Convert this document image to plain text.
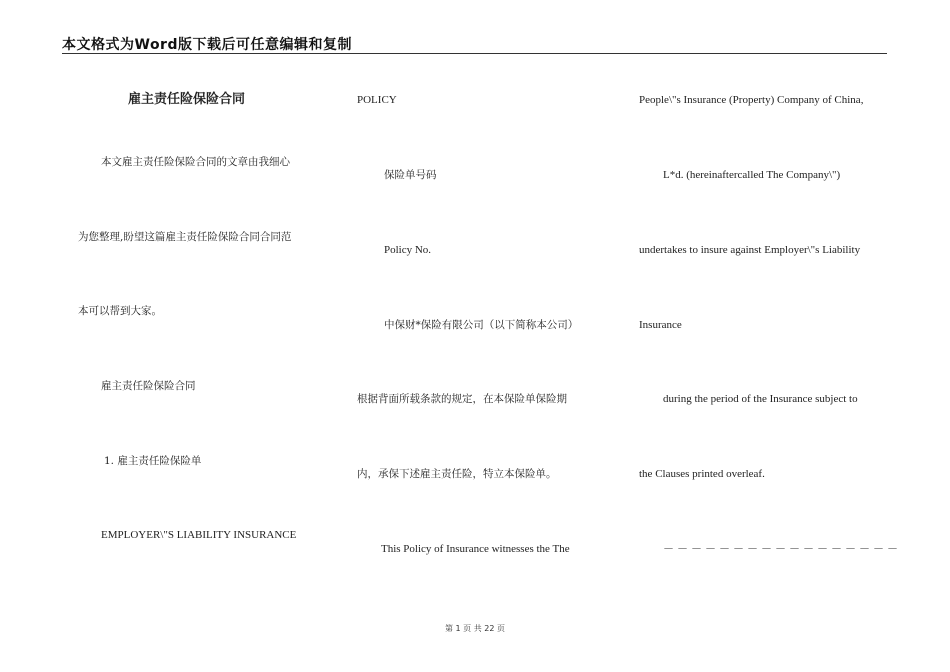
本文格式为Word版下载后可任意编辑和复制
雇主责任险保险合同
本文雇主责任险保险合同的文章由我细心
为您整理,盼望这篇雇主责任险保险合同合同范
本可以帮到大家。
雇主责任险保险合同
1. 雇主责任险保险单
EMPLOYER\"S LIABILITY INSURANCE
POLICY
保险单号码
Policy No.
中保财*保险有限公司（以下简称本公司）
根据背面所载条款的规定，在本保险单保险期
内，承保下述雇主责任险，特立本保险单。
This Policy of Insurance witnesses the The
People\"s Insurance (Property) Company of China,
L*d. (hereinaftercalled The Company\")
undertakes to insure against Employer\"s Liability
Insurance
during the period of the Insurance subject to
the Clauses printed overleaf.
－－－－－－－－－－－－－－－－－
第 1 页 共 22 页
